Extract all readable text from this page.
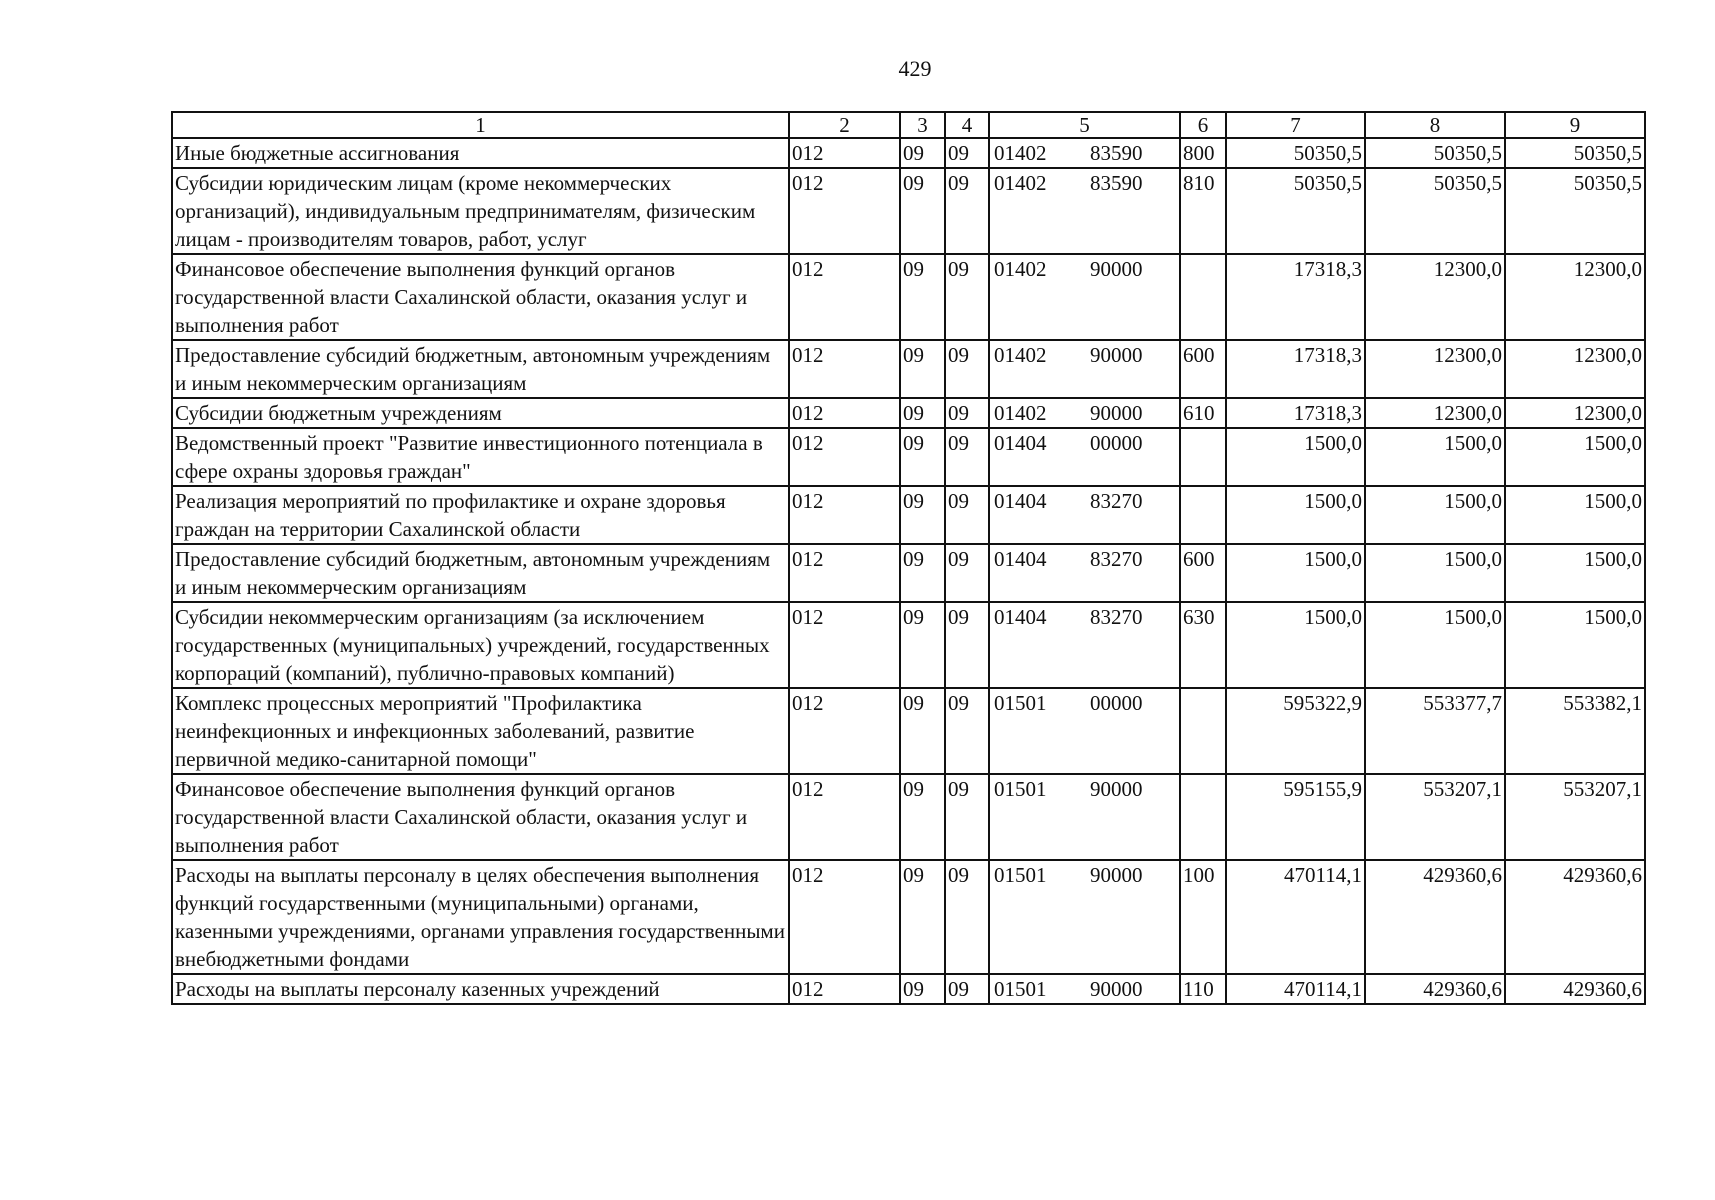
429
1	2	3	4	5	6	7	8	9
Иные бюджетные ассигнования	012	09	09	01402 83590	800	50350,5	50350,5	50350,5
Субсидии юридическим лицам (кроме некоммерческих организаций), индивидуальным предпринимателям, физическим лицам - производителям товаров, работ, услуг	012	09	09	01402 83590	810	50350,5	50350,5	50350,5
Финансовое обеспечение выполнения функций органов государственной власти Сахалинской области, оказания услуг и выполнения работ	012	09	09	01402 90000		17318,3	12300,0	12300,0
Предоставление субсидий бюджетным, автономным учреждениям и иным некоммерческим организациям	012	09	09	01402 90000	600	17318,3	12300,0	12300,0
Субсидии бюджетным учреждениям	012	09	09	01402 90000	610	17318,3	12300,0	12300,0
Ведомственный проект "Развитие инвестиционного потенциала в сфере охраны здоровья граждан"	012	09	09	01404 00000		1500,0	1500,0	1500,0
Реализация мероприятий по профилактике и охране здоровья граждан на территории Сахалинской области	012	09	09	01404 83270		1500,0	1500,0	1500,0
Предоставление субсидий бюджетным, автономным учреждениям и иным некоммерческим организациям	012	09	09	01404 83270	600	1500,0	1500,0	1500,0
Субсидии некоммерческим организациям (за исключением государственных (муниципальных) учреждений, государственных корпораций (компаний), публично-правовых компаний)	012	09	09	01404 83270	630	1500,0	1500,0	1500,0
Комплекс процессных мероприятий "Профилактика неинфекционных и инфекционных заболеваний, развитие первичной медико-санитарной помощи"	012	09	09	01501 00000		595322,9	553377,7	553382,1
Финансовое обеспечение выполнения функций органов государственной власти Сахалинской области, оказания услуг и выполнения работ	012	09	09	01501 90000		595155,9	553207,1	553207,1
Расходы на выплаты персоналу в целях обеспечения выполнения функций государственными (муниципальными) органами, казенными учреждениями, органами управления государственными внебюджетными фондами	012	09	09	01501 90000	100	470114,1	429360,6	429360,6
Расходы на выплаты персоналу казенных учреждений	012	09	09	01501 90000	110	470114,1	429360,6	429360,6
